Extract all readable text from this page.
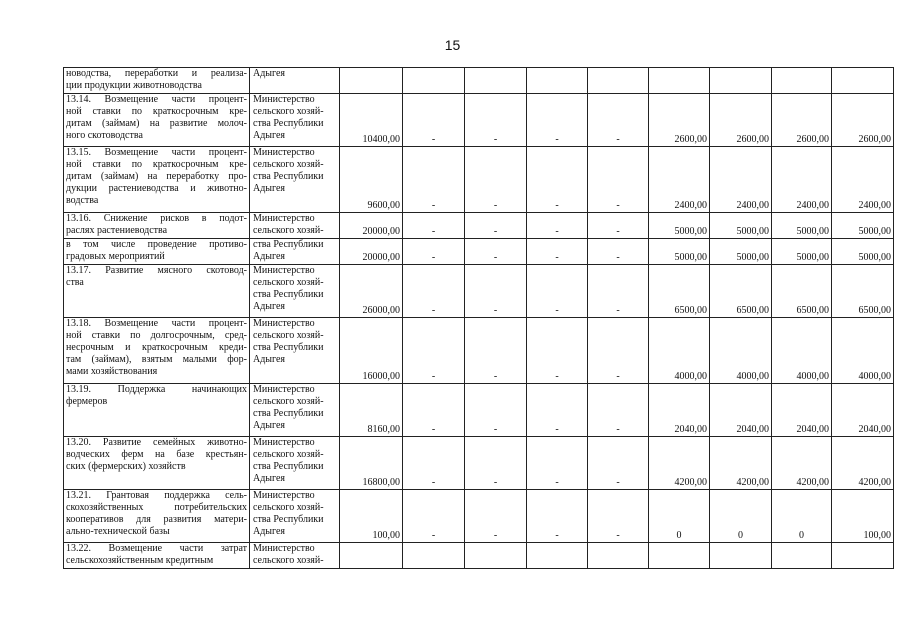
15
новодства, переработки и реализа-
ции продукции животноводства	Адыгея									

13.14. Возмещение части процент-
ной ставки по краткосрочным кре-
дитам (займам) на развитие молоч-
ного скотоводства	Министерство
сельского хозяй-
ства Республики
Адыгея	10400,00	-	-	-	-	2600,00	2600,00	2600,00	2600,00

13.15. Возмещение части процент-
ной ставки по краткосрочным кре-
дитам (займам) на переработку про-
дукции растениеводства и животно-
водства	Министерство
сельского хозяй-
ства Республики
Адыгея	9600,00	-	-	-	-	2400,00	2400,00	2400,00	2400,00

13.16. Снижение рисков в подот-
раслях растениеводства	Министерство
сельского хозяй-	20000,00	-	-	-	-	5000,00	5000,00	5000,00	5000,00

в том числе проведение противо-
градовых мероприятий	ства Республики
Адыгея	20000,00	-	-	-	-	5000,00	5000,00	5000,00	5000,00

13.17. Развитие мясного скотовод-
ства	Министерство
сельского хозяй-
ства Республики
Адыгея	26000,00	-	-	-	-	6500,00	6500,00	6500,00	6500,00

13.18. Возмещение части процент-
ной ставки по долгосрочным, сред-
несрочным и краткосрочным креди-
там (займам), взятым малыми фор-
мами хозяйствования	Министерство
сельского хозяй-
ства Республики
Адыгея	16000,00	-	-	-	-	4000,00	4000,00	4000,00	4000,00

13.19. Поддержка начинающих
фермеров	Министерство
сельского хозяй-
ства Республики
Адыгея	8160,00	-	-	-	-	2040,00	2040,00	2040,00	2040,00

13.20. Развитие семейных животно-
водческих ферм на базе крестьян-
ских (фермерских) хозяйств	Министерство
сельского хозяй-
ства Республики
Адыгея	16800,00	-	-	-	-	4200,00	4200,00	4200,00	4200,00

13.21. Грантовая поддержка сель-
скохозяйственных потребительских
кооперативов для развития матери-
ально-технической базы	Министерство
сельского хозяй-
ства Республики
Адыгея	100,00	-	-	-	-	0	0	0	100,00

13.22. Возмещение части затрат
сельскохозяйственным кредитным	Министерство
сельского хозяй-									
